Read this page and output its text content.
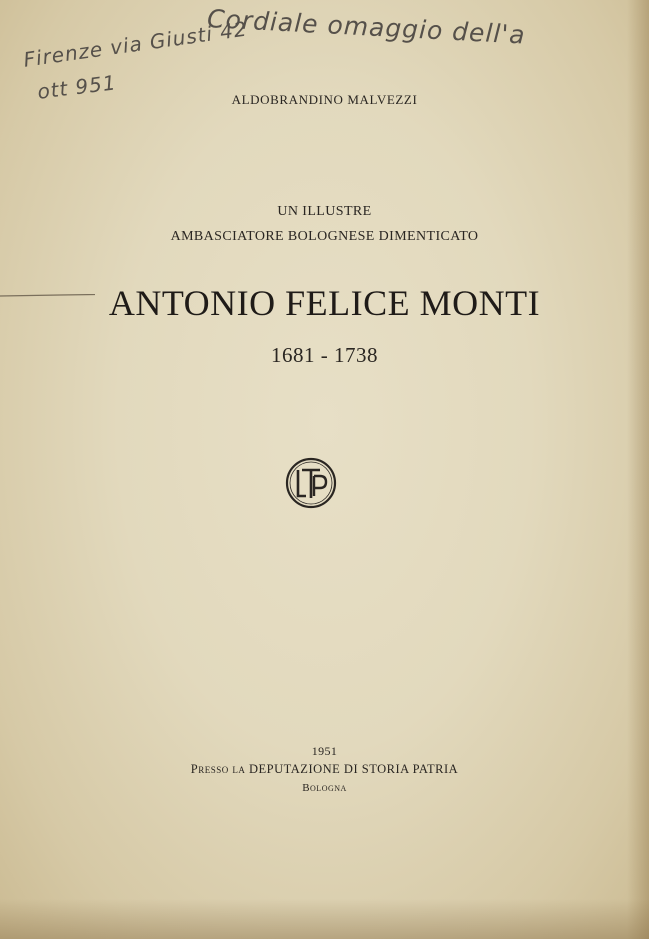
Cordiale omaggio dell'a
Firenze via Giusti 42
ott 951	ALDOBRANDINO MALVEZZI
UN ILLUSTRE
AMBASCIATORE BOLOGNESE DIMENTICATO
ANTONIO FELICE MONTI
1681 - 1738
1951
Presso la DEPUTAZIONE DI STORIA PATRIA
Bologna
